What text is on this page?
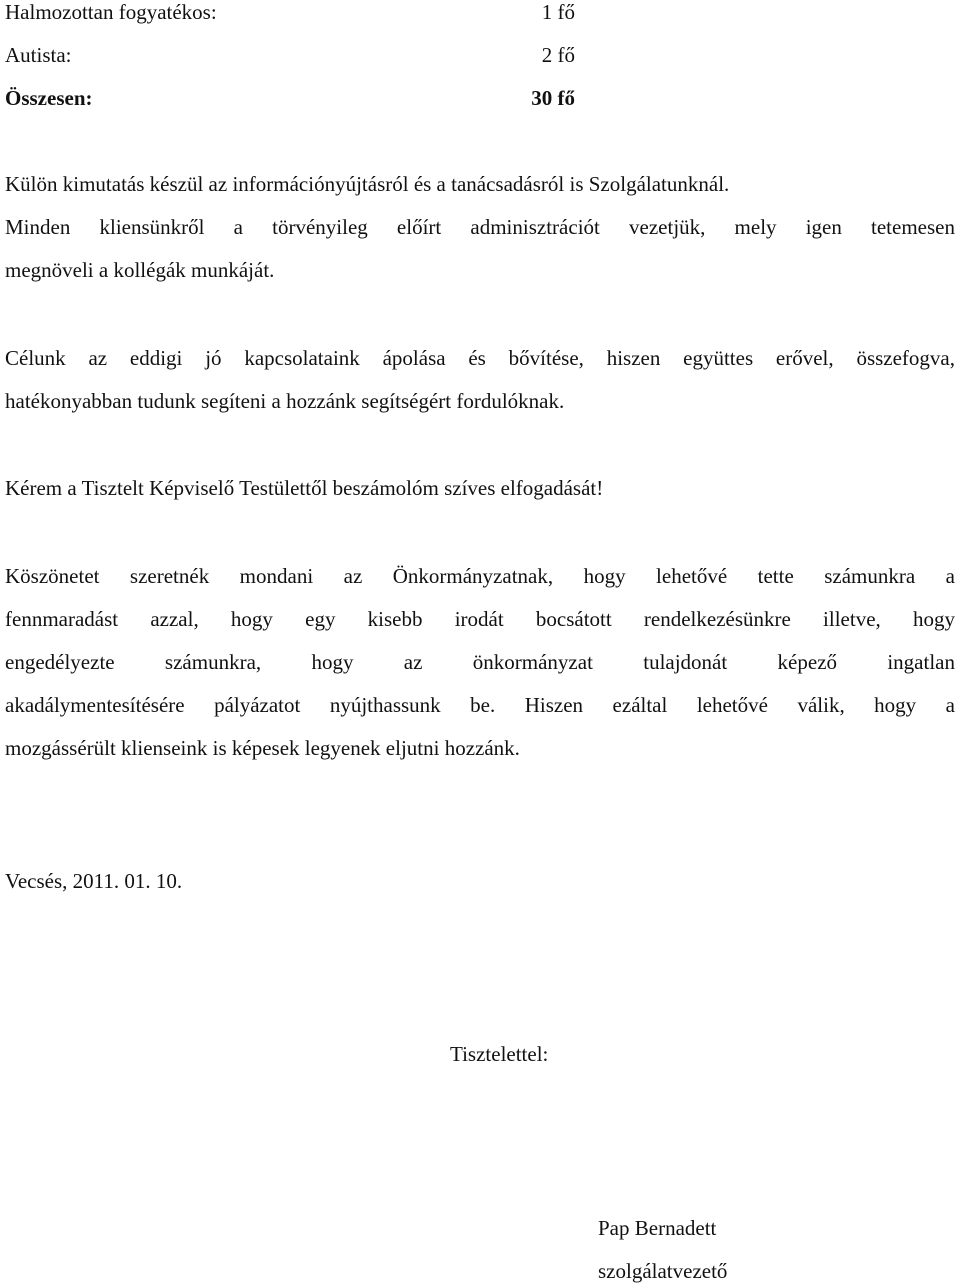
Halmozottan fogyatékos:	1 fő
Autista:	2 fő
Összesen:	30 fő
Külön kimutatás készül az információnyújtásról és a tanácsadásról is Szolgálatunknál.
Minden kliensünkről a törvényileg előírt adminisztrációt vezetjük, mely igen tetemesen
megnöveli a kollégák munkáját.
Célunk az eddigi jó kapcsolataink ápolása és bővítése, hiszen együttes erővel, összefogva,
hatékonyabban tudunk segíteni a hozzánk segítségért fordulóknak.
Kérem a Tisztelt Képviselő Testülettől beszámolóm szíves elfogadását!
Köszönetet szeretnék mondani az Önkormányzatnak, hogy lehetővé tette számunkra a
fennmaradást azzal, hogy egy kisebb irodát bocsátott rendelkezésünkre illetve, hogy
engedélyezte számunkra, hogy az önkormányzat tulajdonát képező ingatlan
akadálymentesítésére pályázatot nyújthassunk be. Hiszen ezáltal lehetővé válik, hogy a
mozgássérült klienseink is képesek legyenek eljutni hozzánk.
Vecsés, 2011. 01. 10.
Tisztelettel:
Pap Bernadett
szolgálatvezető
